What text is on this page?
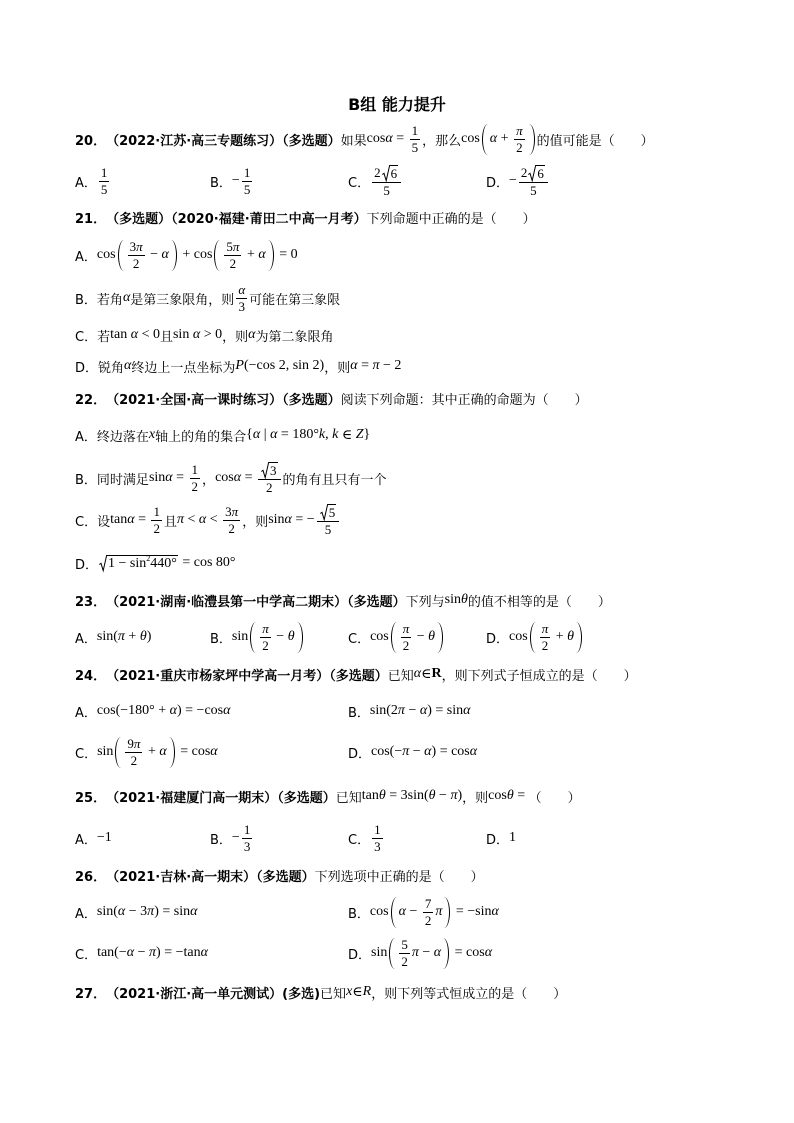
B组 能力提升
20． （2022·江苏·高三专题练习）（多选题） 如果 $\cos \alpha = \frac{1}{5}$ ，那么 $\cos \alpha + \frac{\pi}{2}$ 的值可能是（　　）
A． $\frac{1}{5}$	B． − $\frac{1}{5}$	C． $\frac{2 6}{5}$	D． − $\frac{2 6}{5}$
21． （多选题）（2020·福建·莆田二中高一月考） 下列命题中正确的是（　　）
A． $\cos \frac{3 \pi}{2} - \alpha + \cos \frac{5 \pi}{2} + \alpha = 0$
B． 若角 α 是第三象限角，则 $\frac{\alpha}{3}$ 可能在第三象限
C． 若 tan α < 0 且 sin α > 0 ，则 α 为第二象限角
D． 锐角 α 终边上一点坐标为 P (−cos 2, sin 2) ，则 α = π − 2
22． （2021·全国·高一课时练习）（多选题） 阅读下列命题：其中正确的命题为（　　）
A． 终边落在 x 轴上的角的集合 { α | α = 180° k , k ∈ Z }
B． 同时满足 $\sin \alpha = \frac{1}{2}$ ， $\cos \alpha = \frac{3}{2}$ 的角有且只有一个
C． 设 $\tan \alpha = \frac{1}{2}$ 且 $\pi < \alpha < \frac{3 \pi}{2}$ ，则 sin α = − $\frac{5}{5}$
D． 1 − sin 2 440° = cos 80°
23． （2021·湖南·临澧县第一中学高二期末）（多选题） 下列与 sin θ 的值不相等的是（　　）
A． sin( π + θ )	B． $\sin \frac{\pi}{2} - \theta$	C． $\cos \frac{\pi}{2} - \theta$	D． $\cos \frac{\pi}{2} + \theta$
24． （2021·重庆市杨家坪中学高一月考）（多选题） 已知 α ∈ R ，则下列式子恒成立的是（　　）
A． cos(−180° + α ) = −cos α	B． sin(2 π − α ) = sin α
C． $\sin \frac{9 \pi}{2} + \alpha = \cos \alpha$	D． cos(− π − α ) = cos α
25． （2021·福建厦门高一期末）（多选题） 已知 tan θ = 3sin( θ − π ) ，则 cos θ = （　　）
A． −1	B． − $\frac{1}{3}$	C． $\frac{1}{3}$	D． 1
26． （2021·吉林·高一期末）（多选题） 下列选项中正确的是（　　）
A． sin( α − 3 π ) = sin α	B． $\cos \alpha - \frac{7}{2}$ π = −sin α
C． tan(− α − π ) = −tan α	D． $\sin \frac{5}{2}$ π − α = cos α
27． （2021·浙江·高一单元测试）(多选) 已知 x ∈ R ，则下列等式恒成立的是（　　）
